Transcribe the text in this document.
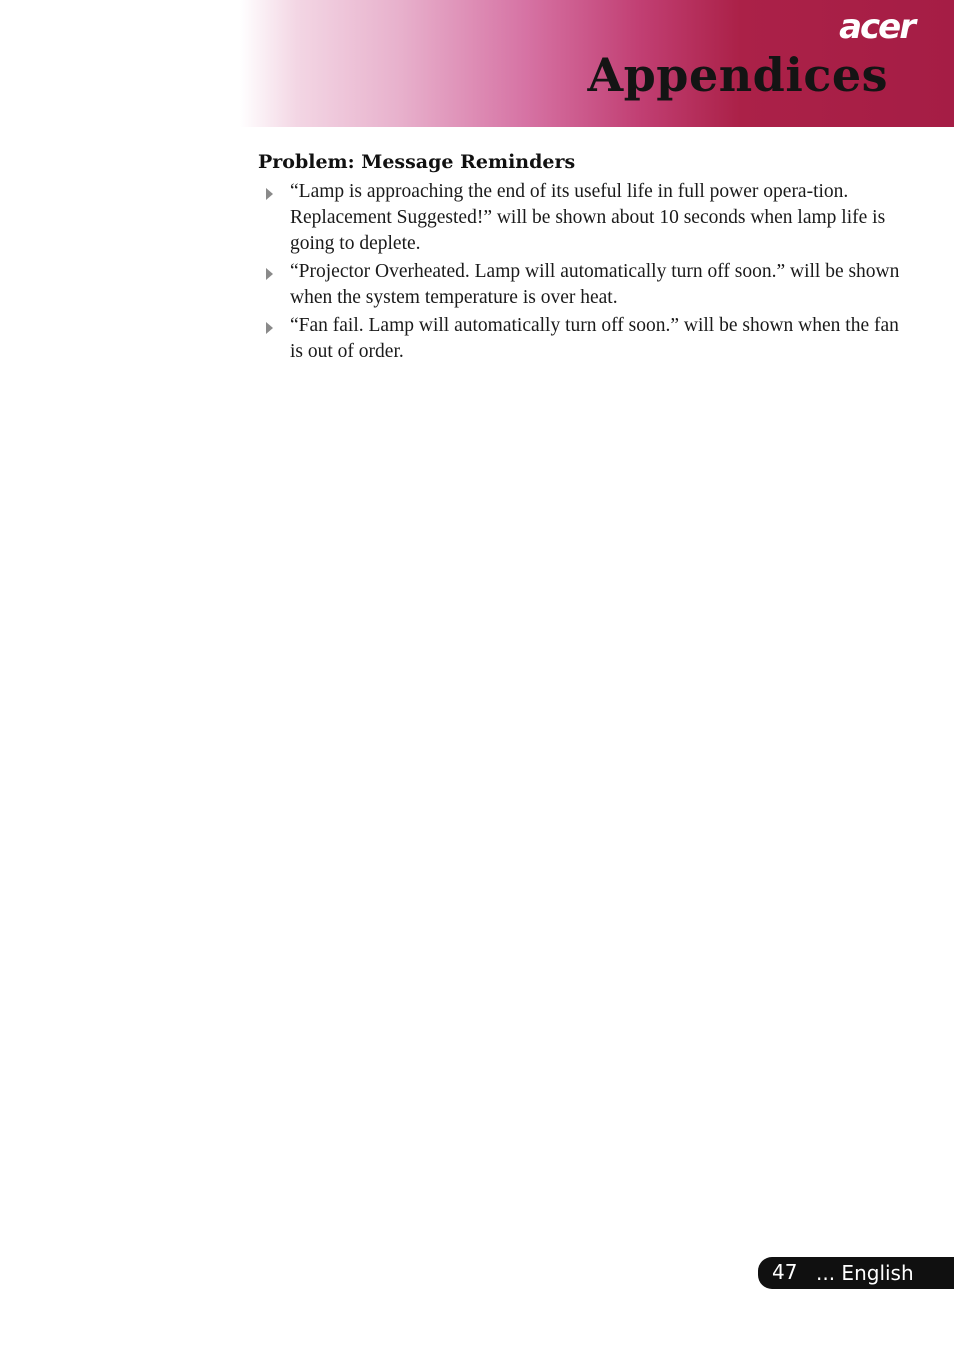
acer
Appendices
Problem: Message Reminders
“Lamp is approaching the end of its useful life in full power opera-tion. Replacement Suggested!” will be shown about 10 seconds when lamp life is going to deplete.
“Projector Overheated. Lamp will automatically turn off soon.” will be shown when the system temperature is over heat.
“Fan fail. Lamp will automatically turn off soon.” will be shown when the fan is out of order.
47 ... English
